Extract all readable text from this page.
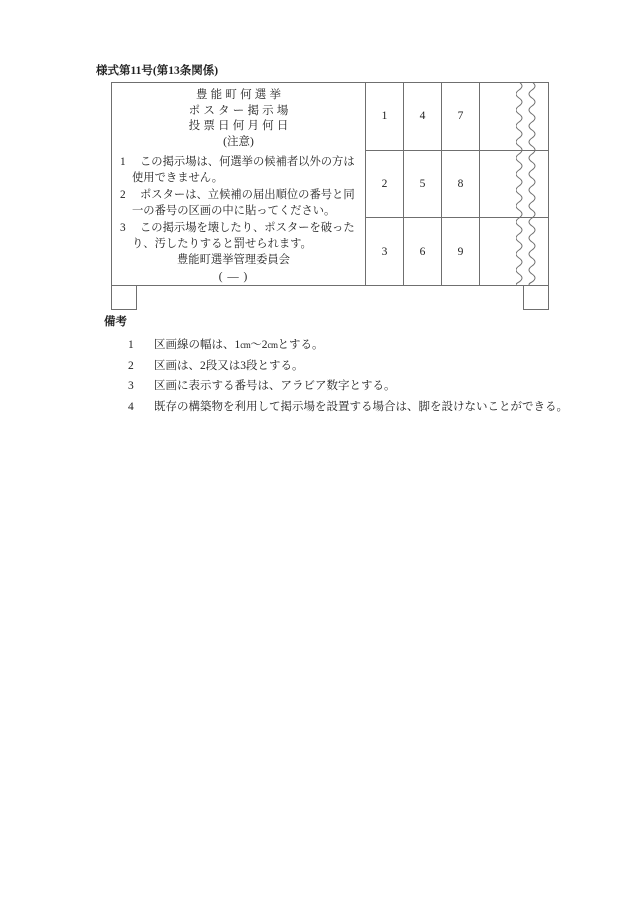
様式第11号(第13条関係)
豊能町何選挙
ポスター掲示場
投票日何月何日
(注意)
1 この掲示場は、何選挙の候補者以外の方は
使用できません。
2 ポスターは、立候補の届出順位の番号と同
一の番号の区画の中に貼ってください。
3 この掲示場を壊したり、ポスターを破った
り、汚したりすると罰せられます。
豊能町選挙管理委員会
( — )
1
2
3
4
5
6
7
8
9
備考
1 区画線の幅は、1cm〜2cmとする。
2 区画は、2段又は3段とする。
3 区画に表示する番号は、アラビア数字とする。
4 既存の構築物を利用して掲示場を設置する場合は、脚を設けないことができる。
